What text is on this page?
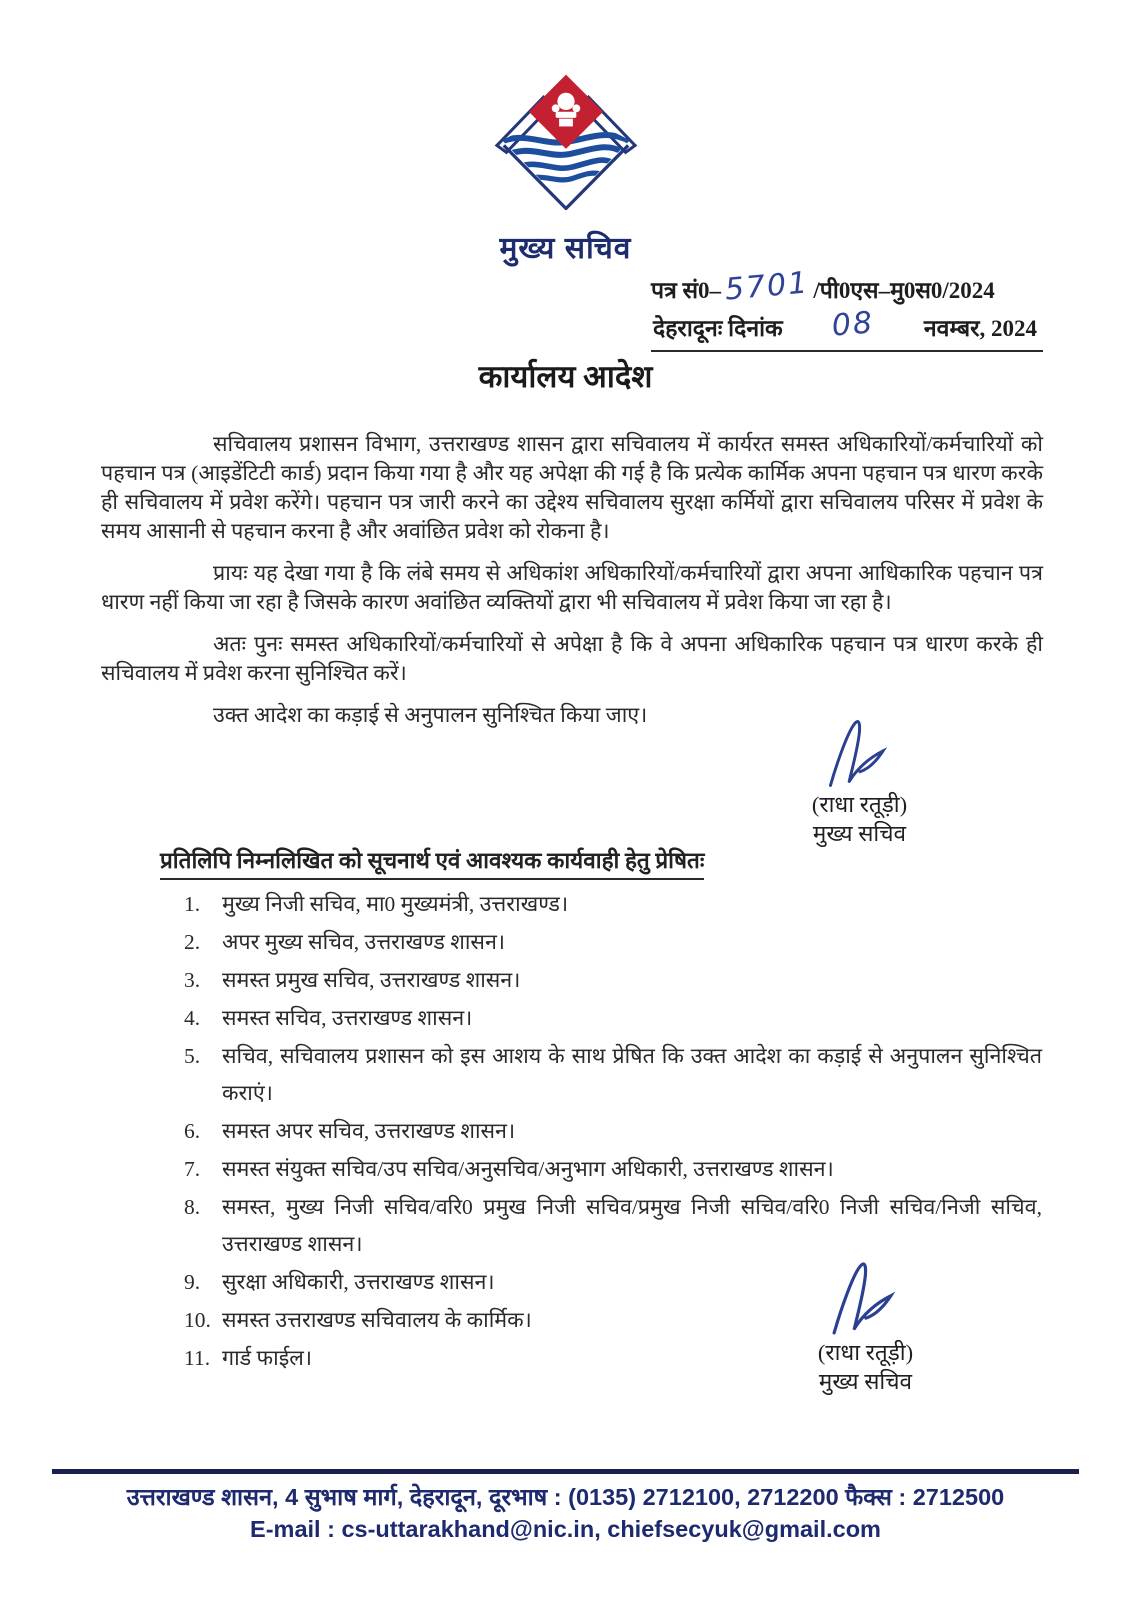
मुख्य सचिव
पत्र सं0– 5701 /पी0एस–मु0स0/2024
देहरादूनः दिनांक 08 नवम्बर, 2024
कार्यालय आदेश

सचिवालय प्रशासन विभाग, उत्तराखण्ड शासन द्वारा सचिवालय में कार्यरत समस्त अधिकारियों/कर्मचारियों को पहचान पत्र (आइडेंटिटी कार्ड) प्रदान किया गया है और यह अपेक्षा की गई है कि प्रत्येक कार्मिक अपना पहचान पत्र धारण करके ही सचिवालय में प्रवेश करेंगे। पहचान पत्र जारी करने का उद्देश्य सचिवालय सुरक्षा कर्मियों द्वारा सचिवालय परिसर में प्रवेश के समय आसानी से पहचान करना है और अवांछित प्रवेश को रोकना है।

प्रायः यह देखा गया है कि लंबे समय से अधिकांश अधिकारियों/कर्मचारियों द्वारा अपना आधिकारिक पहचान पत्र धारण नहीं किया जा रहा है जिसके कारण अवांछित व्यक्तियों द्वारा भी सचिवालय में प्रवेश किया जा रहा है।

अतः पुनः समस्त अधिकारियों/कर्मचारियों से अपेक्षा है कि वे अपना अधिकारिक पहचान पत्र धारण करके ही सचिवालय में प्रवेश करना सुनिश्चित करें।

उक्त आदेश का कड़ाई से अनुपालन सुनिश्चित किया जाए।

(राधा रतूड़ी)
मुख्य सचिव
प्रतिलिपि निम्नलिखित को सूचनार्थ एवं आवश्यक कार्यवाही हेतु प्रेषितः
1.	मुख्य निजी सचिव, मा0 मुख्यमंत्री, उत्तराखण्ड।
2.	अपर मुख्य सचिव, उत्तराखण्ड शासन।
3.	समस्त प्रमुख सचिव, उत्तराखण्ड शासन।
4.	समस्त सचिव, उत्तराखण्ड शासन।
5.	सचिव, सचिवालय प्रशासन को इस आशय के साथ प्रेषित कि उक्त आदेश का कड़ाई से अनुपालन सुनिश्चित कराएं।
6.	समस्त अपर सचिव, उत्तराखण्ड शासन।
7.	समस्त संयुक्त सचिव/उप सचिव/अनुसचिव/अनुभाग अधिकारी, उत्तराखण्ड शासन।
8.	समस्त, मुख्य निजी सचिव/वरि0 प्रमुख निजी सचिव/प्रमुख निजी सचिव/वरि0 निजी सचिव/निजी सचिव, उत्तराखण्ड शासन।
9.	सुरक्षा अधिकारी, उत्तराखण्ड शासन।
10. समस्त उत्तराखण्ड सचिवालय के कार्मिक।
11. गार्ड फाईल।	(राधा रतूड़ी)
मुख्य सचिव
उत्तराखण्ड शासन, 4 सुभाष मार्ग, देहरादून, दूरभाष : (0135) 2712100, 2712200 फैक्स : 2712500
E-mail : cs-uttarakhand@nic.in, chiefsecyuk@gmail.com
